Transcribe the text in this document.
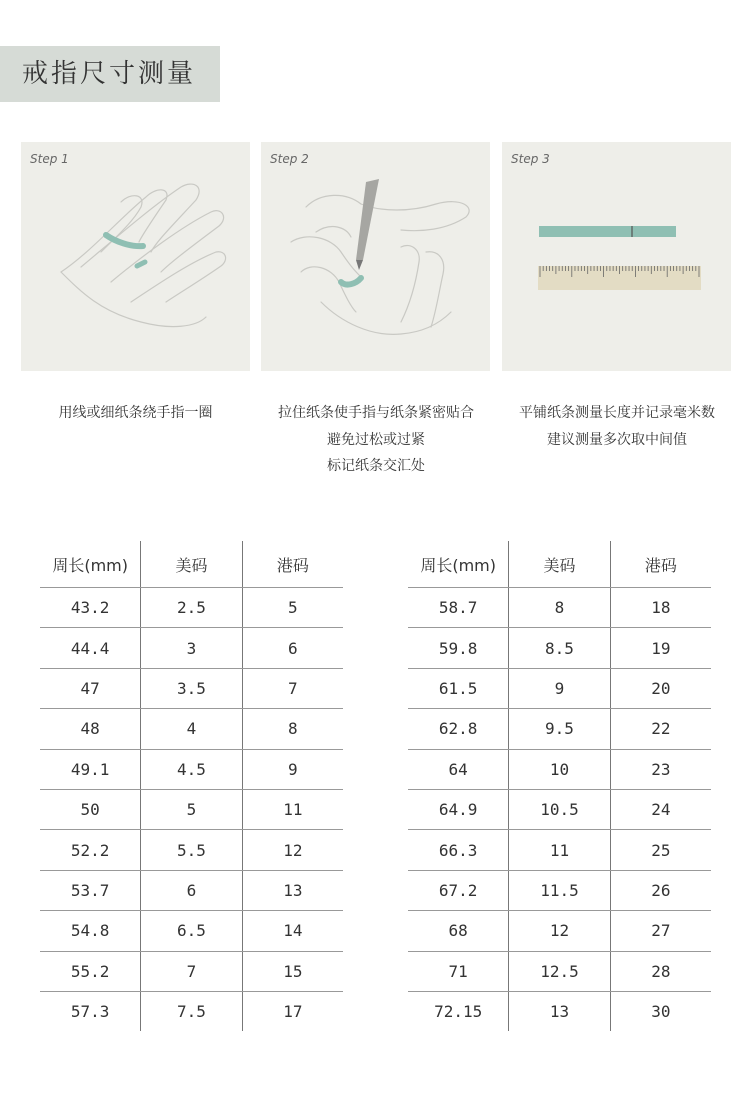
戒指尺寸测量
Step 1	Step 2	Step 3
用线或细纸条绕手指一圈	拉住纸条使手指与纸条紧密贴合
避免过松或过紧
标记纸条交汇处
平铺纸条测量长度并记录毫米数
建议测量多次取中间值
周长(mm)	美码	港码
43.2	2.5	5
44.4	3	6
47	3.5	7
48	4	8
49.1	4.5	9
50	5	11
52.2	5.5	12
53.7	6	13
54.8	6.5	14
55.2	7	15
57.3	7.5	17
周长(mm)	美码	港码
58.7	8	18
59.8	8.5	19
61.5	9	20
62.8	9.5	22
64	10	23
64.9	10.5	24
66.3	11	25
67.2	11.5	26
68	12	27
71	12.5	28
72.15	13	30
